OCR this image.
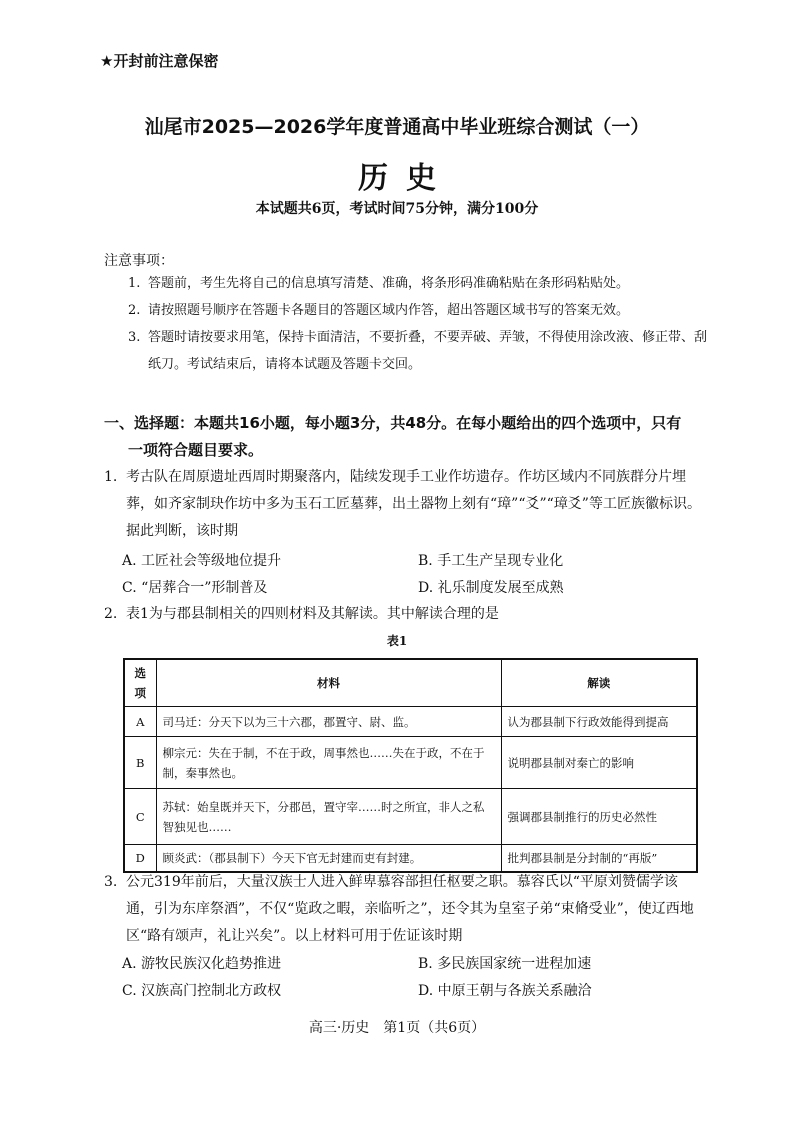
★开封前注意保密
汕尾市2025—2026学年度普通高中毕业班综合测试（一）
历史
本试题共6页，考试时间75分钟，满分100分
注意事项：
1. 答题前，考生先将自己的信息填写清楚、准确，将条形码准确粘贴在条形码粘贴处。
2. 请按照题号顺序在答题卡各题目的答题区域内作答，超出答题区域书写的答案无效。
3. 答题时请按要求用笔，保持卡面清洁，不要折叠，不要弄破、弄皱，不得使用涂改液、修正带、刮纸刀。考试结束后，请将本试题及答题卡交回。
一、选择题：本题共16小题，每小题3分，共48分。在每小题给出的四个选项中，只有
一项符合题目要求。
1. 考古队在周原遗址西周时期聚落内，陆续发现手工业作坊遗存。作坊区域内不同族群分片埋葬，如齐家制玦作坊中多为玉石工匠墓葬，出土器物上刻有“璋”“爻”“璋爻”等工匠族徽标识。据此判断，该时期
A. 工匠社会等级地位提升	B. 手工生产呈现专业化
C. “居葬合一”形制普及	D. 礼乐制度发展至成熟
2. 表1为与郡县制相关的四则材料及其解读。其中解读合理的是
表1
选项	材料	解读
A	司马迁：分天下以为三十六郡，郡置守、尉、监。	认为郡县制下行政效能得到提高
B	柳宗元：失在于制，不在于政，周事然也……失在于政，不在于制，秦事然也。	说明郡县制对秦亡的影响
C	苏轼：始皇既并天下，分郡邑，置守宰……时之所宜，非人之私智独见也……	强调郡县制推行的历史必然性
D	顾炎武：（郡县制下）今天下官无封建而吏有封建。	批判郡县制是分封制的“再版”
3. 公元319年前后，大量汉族士人进入鲜卑慕容部担任枢要之职。慕容氏以“平原刘赞儒学该通，引为东庠祭酒”，不仅“览政之暇，亲临听之”，还令其为皇室子弟“束脩受业”，使辽西地区“路有颂声，礼让兴矣”。以上材料可用于佐证该时期
A. 游牧民族汉化趋势推进	B. 多民族国家统一进程加速
C. 汉族高门控制北方政权	D. 中原王朝与各族关系融洽
高三·历史　第1页（共6页）
